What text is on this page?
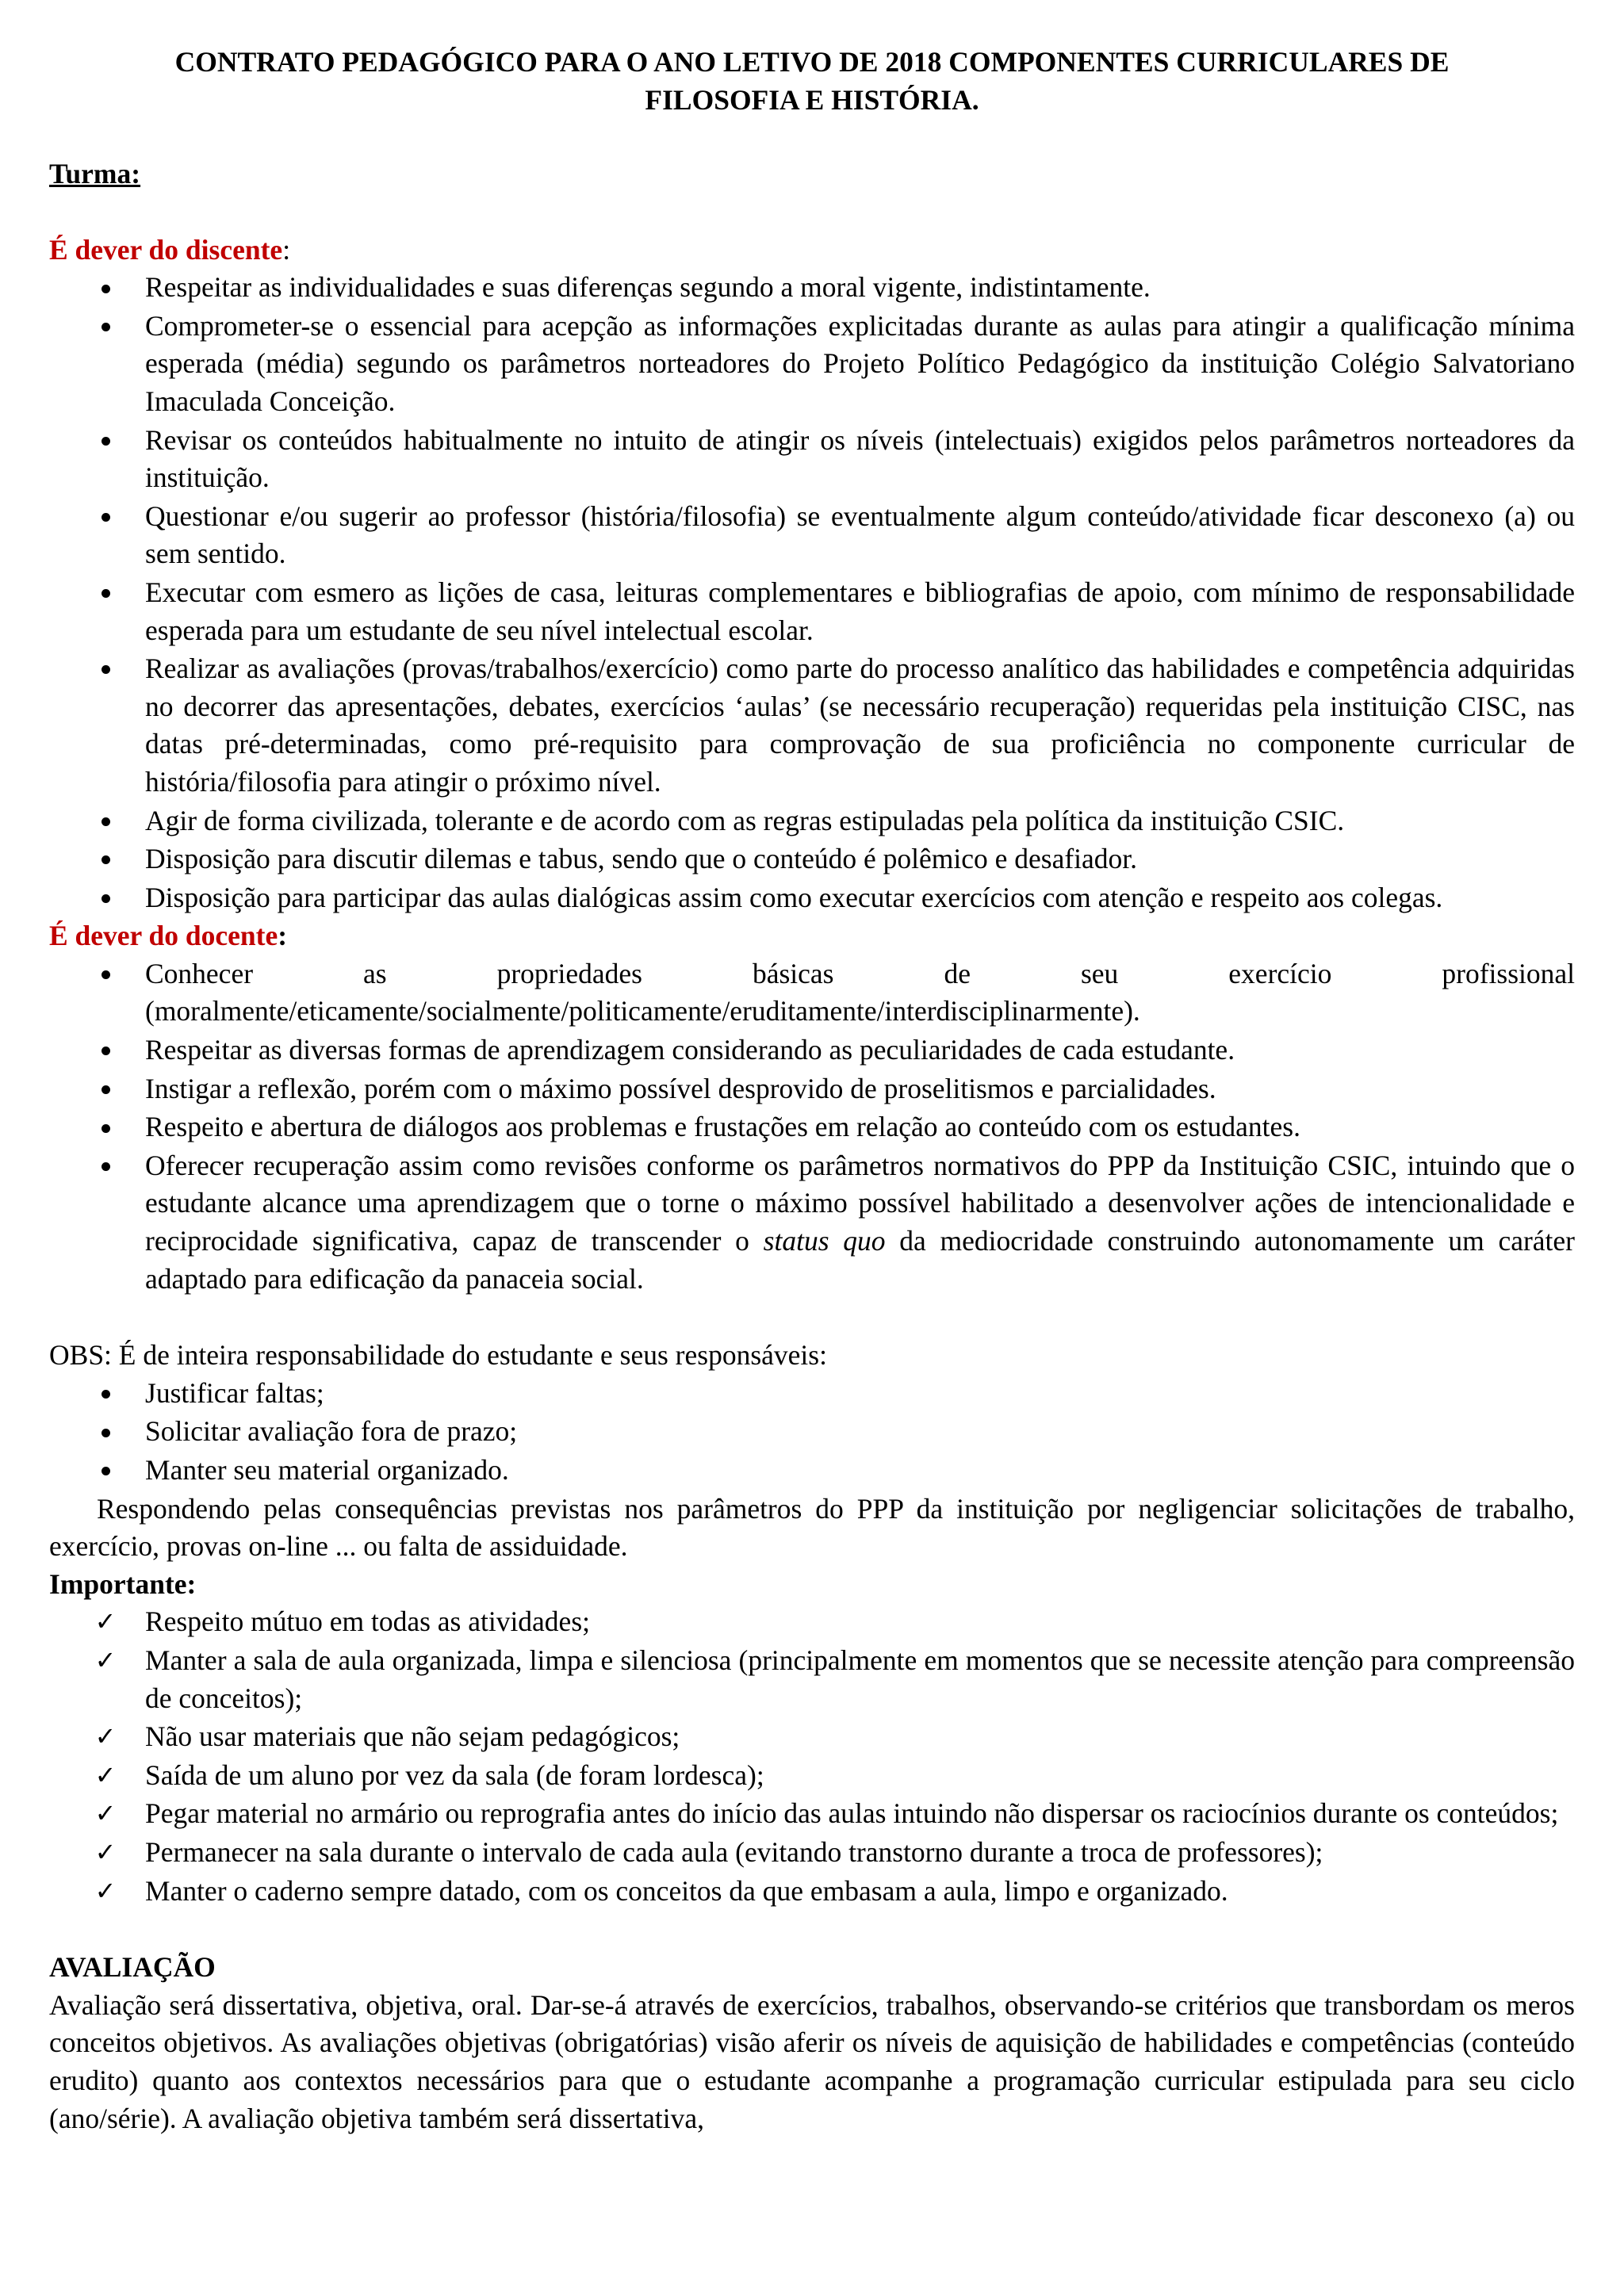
CONTRATO PEDAGÓGICO PARA O ANO LETIVO DE 2018 COMPONENTES CURRICULARES DE
FILOSOFIA E HISTÓRIA.
Turma:
É dever do discente:
Respeitar as individualidades e suas diferenças segundo a moral vigente, indistintamente.
Comprometer-se o essencial para acepção as informações explicitadas durante as aulas para atingir a qualificação mínima esperada (média) segundo os parâmetros norteadores do Projeto Político Pedagógico da instituição Colégio Salvatoriano Imaculada Conceição.
Revisar os conteúdos habitualmente no intuito de atingir os níveis (intelectuais) exigidos pelos parâmetros norteadores da instituição.
Questionar e/ou sugerir ao professor (história/filosofia) se eventualmente algum conteúdo/atividade ficar desconexo (a) ou sem sentido.
Executar com esmero as lições de casa, leituras complementares e bibliografias de apoio, com mínimo de responsabilidade esperada para um estudante de seu nível intelectual escolar.
Realizar as avaliações (provas/trabalhos/exercício) como parte do processo analítico das habilidades e competência adquiridas no decorrer das apresentações, debates, exercícios ‘aulas’ (se necessário recuperação) requeridas pela instituição CISC, nas datas pré-determinadas, como pré-requisito para comprovação de sua proficiência no componente curricular de história/filosofia para atingir o próximo nível.
Agir de forma civilizada, tolerante e de acordo com as regras estipuladas pela política da instituição CSIC.
Disposição para discutir dilemas e tabus, sendo que o conteúdo é polêmico e desafiador.
Disposição para participar das aulas dialógicas assim como executar exercícios com atenção e respeito aos colegas.
É dever do docente:
Conhecer as propriedades básicas de seu exercício profissional
(moralmente/eticamente/socialmente/politicamente/eruditamente/interdisciplinarmente).
Respeitar as diversas formas de aprendizagem considerando as peculiaridades de cada estudante.
Instigar a reflexão, porém com o máximo possível desprovido de proselitismos e parcialidades.
Respeito e abertura de diálogos aos problemas e frustações em relação ao conteúdo com os estudantes.
Oferecer recuperação assim como revisões conforme os parâmetros normativos do PPP da Instituição CSIC, intuindo que o estudante alcance uma aprendizagem que o torne o máximo possível habilitado a desenvolver ações de intencionalidade e reciprocidade significativa, capaz de transcender o status quo da mediocridade construindo autonomamente um caráter adaptado para edificação da panaceia social.

OBS: É de inteira responsabilidade do estudante e seus responsáveis:

Justificar faltas;
Solicitar avaliação fora de prazo;
Manter seu material organizado.

Respondendo pelas consequências previstas nos parâmetros do PPP da instituição por negligenciar solicitações de trabalho, exercício, provas on-line ... ou falta de assiduidade.

Importante:
✓ Respeito mútuo em todas as atividades;
✓ Manter a sala de aula organizada, limpa e silenciosa (principalmente em momentos que se necessite atenção para compreensão de conceitos);
✓ Não usar materiais que não sejam pedagógicos;
✓ Saída de um aluno por vez da sala (de foram lordesca);
✓ Pegar material no armário ou reprografia antes do início das aulas intuindo não dispersar os raciocínios durante os conteúdos;
✓ Permanecer na sala durante o intervalo de cada aula (evitando transtorno durante a troca de professores);
✓ Manter o caderno sempre datado, com os conceitos da que embasam a aula, limpo e organizado.
AVALIAÇÃO

Avaliação será dissertativa, objetiva, oral. Dar-se-á através de exercícios, trabalhos, observando-se critérios que transbordam os meros conceitos objetivos. As avaliações objetivas (obrigatórias) visão aferir os níveis de aquisição de habilidades e competências (conteúdo erudito) quanto aos contextos necessários para que o estudante acompanhe a programação curricular estipulada para seu ciclo (ano/série). A avaliação objetiva também será dissertativa,
